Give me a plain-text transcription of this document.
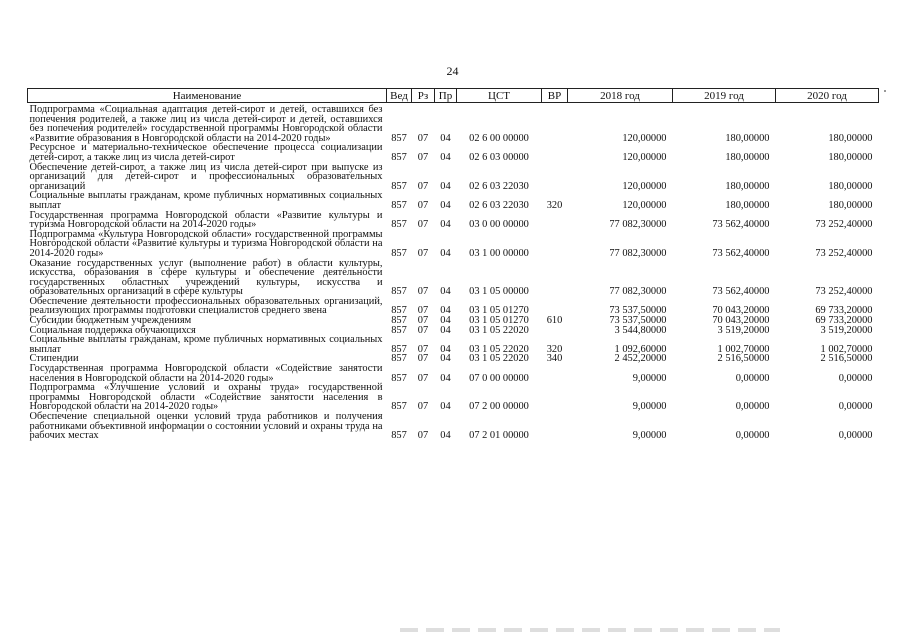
24
Наименование	Вед	Рз	Пр	ЦСТ	ВР	2018 год	2019 год	2020 год
Подпрограмма «Социальная адаптация детей-сирот и детей, оставшихся без попечения родителей, а также лиц из числа детей-сирот и детей, оставшихся без попечения родителей» государственной программы Новгородской области «Развитие образования в Новгородской области на 2014-2020 годы»	857	07	04	02 6 00 00000		120,00000	180,00000	180,00000
Ресурсное и материально-техническое обеспечение процесса социализации детей-сирот, а также лиц из числа детей-сирот	857	07	04	02 6 03 00000		120,00000	180,00000	180,00000
Обеспечение детей-сирот, а также лиц из числа детей-сирот при выпуске из организаций для детей-сирот и профессиональных образовательных организаций	857	07	04	02 6 03 22030		120,00000	180,00000	180,00000
Социальные выплаты гражданам, кроме публичных нормативных социальных выплат	857	07	04	02 6 03 22030	320	120,00000	180,00000	180,00000
Государственная программа Новгородской области «Развитие культуры и туризма Новгородской области на 2014-2020 годы»	857	07	04	03 0 00 00000		77 082,30000	73 562,40000	73 252,40000
Подпрограмма «Культура Новгородской области» государственной программы Новгородской области «Развитие культуры и туризма Новгородской области на 2014-2020 годы»	857	07	04	03 1 00 00000		77 082,30000	73 562,40000	73 252,40000
Оказание государственных услуг (выполнение работ) в области культуры, искусства, образования в сфере культуры и обеспечение деятельности государственных областных учреждений культуры, искусства и образовательных организаций в сфере культуры	857	07	04	03 1 05 00000		77 082,30000	73 562,40000	73 252,40000
Обеспечение деятельности профессиональных образовательных организаций, реализующих программы подготовки специалистов среднего звена	857	07	04	03 1 05 01270		73 537,50000	70 043,20000	69 733,20000
Субсидии бюджетным учреждениям	857	07	04	03 1 05 01270	610	73 537,50000	70 043,20000	69 733,20000
Социальная поддержка обучающихся	857	07	04	03 1 05 22020		3 544,80000	3 519,20000	3 519,20000
Социальные выплаты гражданам, кроме публичных нормативных социальных выплат	857	07	04	03 1 05 22020	320	1 092,60000	1 002,70000	1 002,70000
Стипендии	857	07	04	03 1 05 22020	340	2 452,20000	2 516,50000	2 516,50000
Государственная программа Новгородской области «Содействие занятости населения в Новгородской области на 2014-2020 годы»	857	07	04	07 0 00 00000		9,00000	0,00000	0,00000
Подпрограмма «Улучшение условий и охраны труда» государственной программы Новгородской области «Содействие занятости населения в Новгородской области на 2014-2020 годы»	857	07	04	07 2 00 00000		9,00000	0,00000	0,00000
Обеспечение специальной оценки условий труда работников и получения работниками объективной информации о состоянии условий и охраны труда на рабочих местах	857	07	04	07 2 01 00000		9,00000	0,00000	0,00000
